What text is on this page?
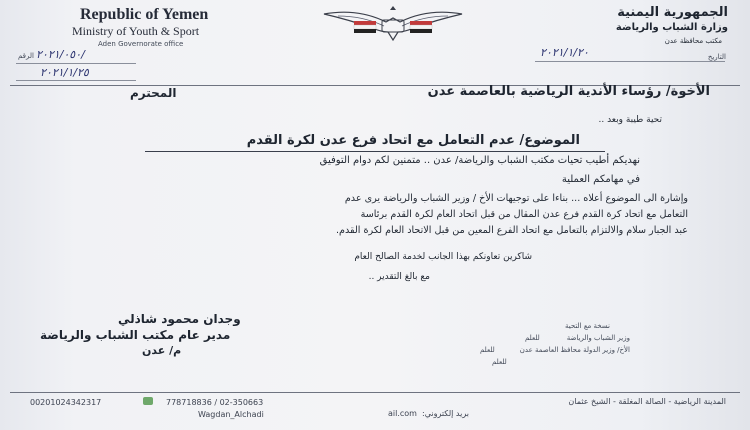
Republic of Yemen
Ministry of Youth & Sport
Aden Governorate office
الجمهورية اليمنية
وزارة الشباب والرياضة
مكتب محافظة عدن
الرقم ٢٠٢١/٠٥٠/
٢٠٢١/١/٢٥
التاريخ
٢٠٢١/١/٢٠
الأخوة/ رؤساء الأندية الرياضية بالعاصمة عدن
المحترم
تحية طيبة وبعد ..
الموضوع/ عدم التعامل مع اتحاد فرع عدن لكرة القدم
نهديكم أطيب تحيات مكتب الشباب والرياضة/ عدن .. متمنين لكم دوام التوفيق
في مهامكم العملية
وإشارة الى الموضوع أعلاه ... بناءا على توجيهات الأخ / وزير الشباب والرياضة يرى عدم
التعامل مع اتحاد كرة القدم فرع عدن المقال من قبل اتحاد العام لكرة القدم برئاسة
عبد الجبار سلام والالتزام بالتعامل مع اتحاد الفرع المعين من قبل الاتحاد العام لكرة القدم.
شاكرين تعاونكم بهذا الجانب لخدمة الصالح العام
مع بالغ التقدير ..
وجدان محمود شاذلي
مدير عام مكتب الشباب والرياضة
م/ عدن
نسخة مع التحية
وزير الشباب والرياضة
للعلم
الأخ/ وزير الدولة محافظ العاصمة عدن
للعلم
للعلم
00201024342317	778718836 / 02-350663
Wagdan_Alchadi
المدينة الرياضية - الصالة المغلقة - الشيخ عثمان
بريد إلكتروني:
ail.com
